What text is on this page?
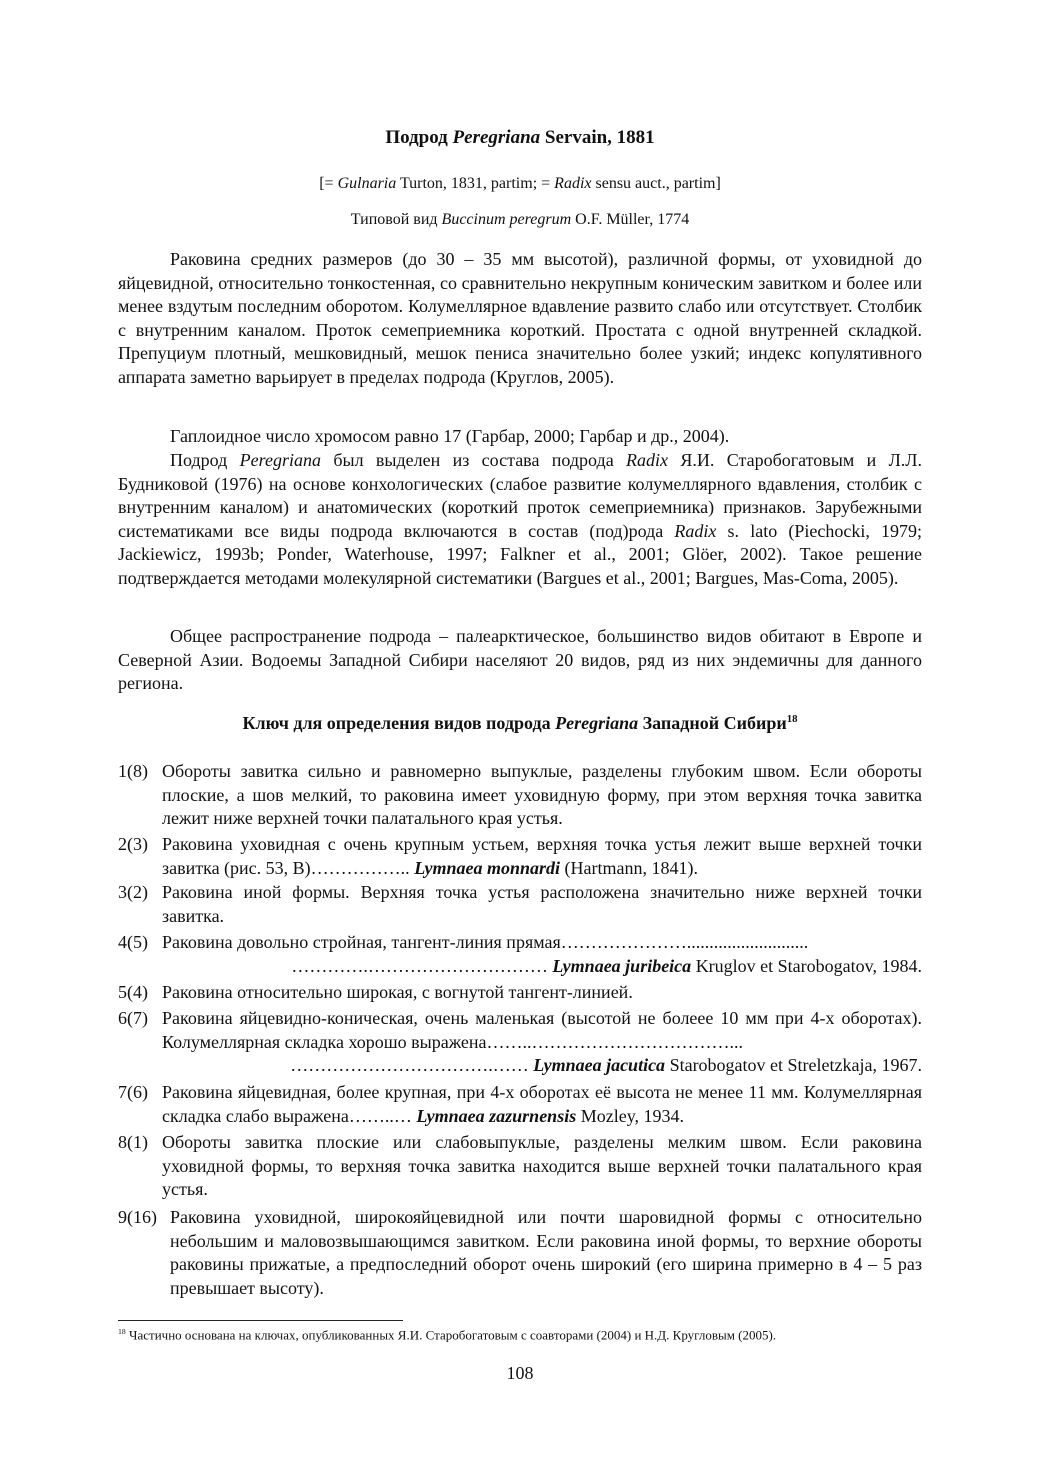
Подрод Peregriana Servain, 1881
[= Gulnaria Turton, 1831, partim; = Radix sensu auct., partim]
Типовой вид Buccinum peregrum O.F. Müller, 1774

Раковина средних размеров (до 30 – 35 мм высотой), различной формы, от уховидной до яйцевидной, относительно тонкостенная, со сравнительно некрупным коническим завитком и более или менее вздутым последним оборотом. Колумеллярное вдавление развито слабо или отсутствует. Столбик с внутренним каналом. Проток семеприемника короткий. Простата с одной внутренней складкой. Препуциум плотный, мешковидный, мешок пениса значительно более узкий; индекс копулятивного аппарата заметно варьирует в пределах подрода (Круглов, 2005).

Гаплоидное число хромосом равно 17 (Гарбар, 2000; Гарбар и др., 2004).

Подрод Peregriana был выделен из состава подрода Radix Я.И. Старобогатовым и Л.Л. Будниковой (1976) на основе конхологических (слабое развитие колумеллярного вдавления, столбик с внутренним каналом) и анатомических (короткий проток семеприемника) признаков. Зарубежными систематиками все виды подрода включаются в состав (под)рода Radix s. lato (Piechocki, 1979; Jackiewicz, 1993b; Ponder, Waterhouse, 1997; Falkner et al., 2001; Glöer, 2002). Такое решение подтверждается методами молекулярной систематики (Bargues et al., 2001; Bargues, Mas-Coma, 2005).

Общее распространение подрода – палеарктическое, большинство видов обитают в Европе и Северной Азии. Водоемы Западной Сибири населяют 20 видов, ряд из них эндемичны для данного региона.

Ключ для определения видов подрода Peregriana Западной Сибири$^{18}$
1(8) Обороты завитка сильно и равномерно выпуклые, разделены глубоким швом. Если обороты плоские, а шов мелкий, то раковина имеет уховидную форму, при этом верхняя точка завитка лежит ниже верхней точки палатального края устья.
2(3) Раковина уховидная с очень крупным устьем, верхняя точка устья лежит выше верхней точки завитка (рис. 53, В)…………….. Lymnaea monnardi (Hartmann, 1841).
3(2) Раковина иной формы. Верхняя точка устья расположена значительно ниже верхней точки завитка.
4(5) Раковина довольно стройная, тангент-линия прямая…………………...........................
………….………………………… Lymnaea juribeica Kruglov et Starobogatov, 1984.
5(4) Раковина относительно широкая, с вогнутой тангент-линией.
6(7) Раковина яйцевидно-коническая, очень маленькая (высотой не болеее 10 мм при 4-х оборотах). Колумеллярная складка хорошо выражена……..……………………………...
…………………………….…… Lymnaea jacutica Starobogatov et Streletzkaja, 1967.
7(6) Раковина яйцевидная, более крупная, при 4-х оборотах её высота не менее 11 мм. Колумеллярная складка слабо выражена……..… Lymnaea zazurnensis Mozley, 1934.
8(1) Обороты завитка плоские или слабовыпуклые, разделены мелким швом. Если раковина уховидной формы, то верхняя точка завитка находится выше верхней точки палатального края устья.
9(16) Раковина уховидной, широкояйцевидной или почти шаровидной формы с относительно небольшим и маловозвышающимся завитком. Если раковина иной формы, то верхние обороты раковины прижатые, а предпоследний оборот очень широкий (его ширина примерно в 4 – 5 раз превышает высоту).
$^{18}$ Частично основана на ключах, опубликованных Я.И. Старобогатовым с соавторами (2004) и Н.Д. Кругловым (2005).
108
